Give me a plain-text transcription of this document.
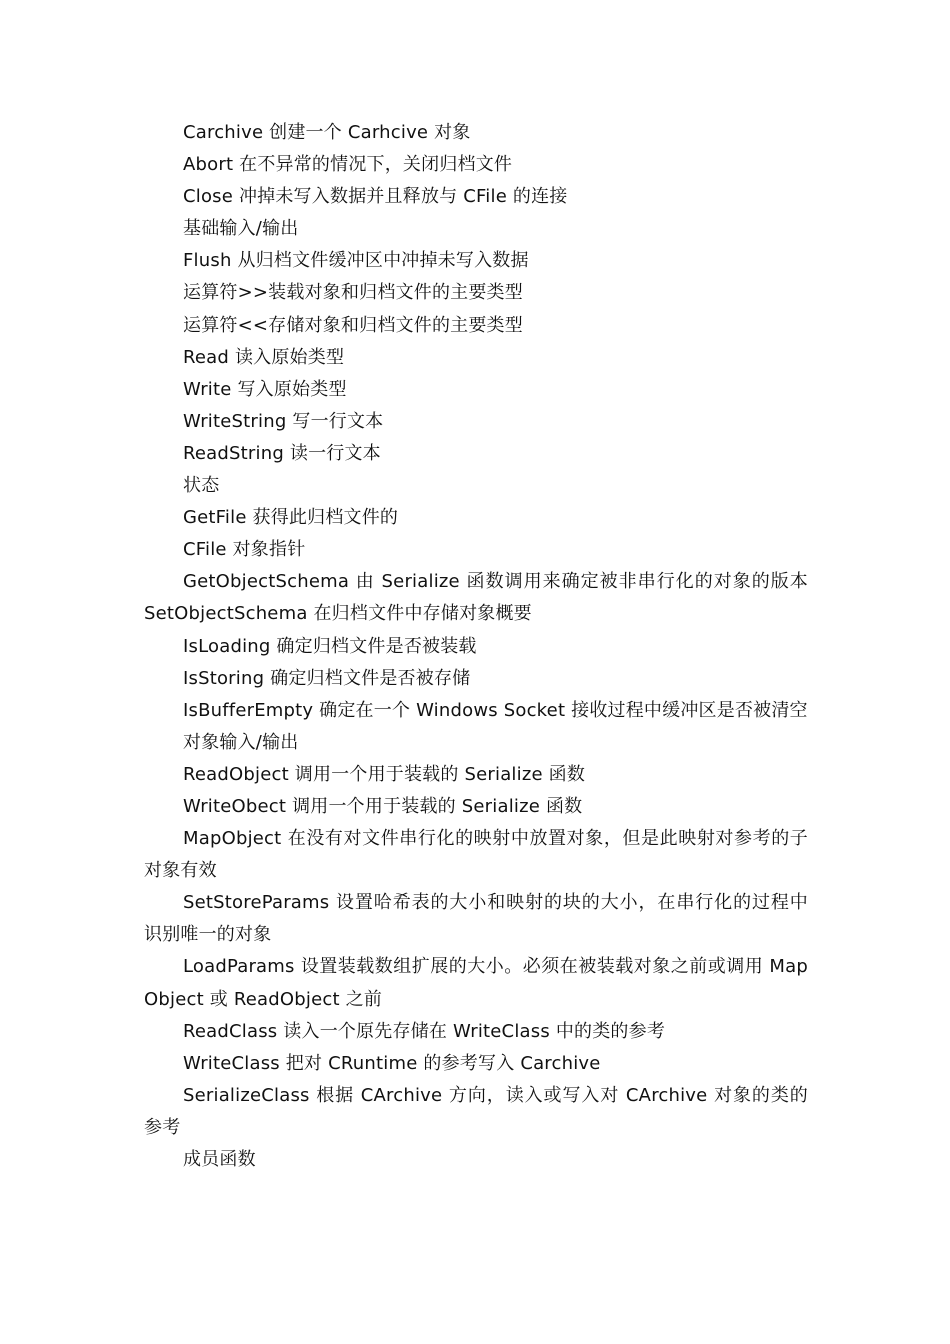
Carchive 创建一个 Carhcive 对象

Abort 在不异常的情况下，关闭归档文件

Close 冲掉未写入数据并且释放与 CFile 的连接

基础输入/输出

Flush 从归档文件缓冲区中冲掉未写入数据

运算符>>装载对象和归档文件的主要类型

运算符<<存储对象和归档文件的主要类型

Read 读入原始类型

Write 写入原始类型

WriteString 写一行文本

ReadString 读一行文本

状态

GetFile 获得此归档文件的

CFile 对象指针

GetObjectSchema 由 Serialize 函数调用来确定被非串行化的对象的版本 SetObjectSchema 在归档文件中存储对象概要

IsLoading 确定归档文件是否被装载

IsStoring 确定归档文件是否被存储

IsBufferEmpty 确定在一个 Windows Socket 接收过程中缓冲区是否被清空

对象输入/输出

ReadObject 调用一个用于装载的 Serialize 函数

WriteObect 调用一个用于装载的 Serialize 函数

MapObject 在没有对文件串行化的映射中放置对象，但是此映射对参考的子对象有效

SetStoreParams 设置哈希表的大小和映射的块的大小，在串行化的过程中识别唯一的对象

LoadParams 设置装载数组扩展的大小。必须在被装载对象之前或调用 MapObject 或 ReadObject 之前

ReadClass 读入一个原先存储在 WriteClass 中的类的参考

WriteClass 把对 CRuntime 的参考写入 Carchive

SerializeClass 根据 CArchive 方向，读入或写入对 CArchive 对象的类的参考

成员函数
